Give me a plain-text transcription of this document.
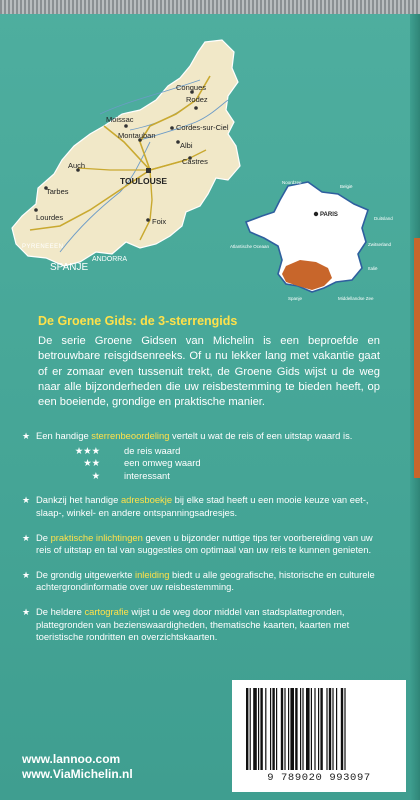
Conques
Rodez
Moissac
Montauban
Cordes-sur-Ciel
Albi
Castres
TOULOUSE
Auch
Tarbes
Lourdes	Foix
PYRENEEEN
ANDORRA
SPANJE
PARIS
Noordzee
België
Duitsland
Zwitserland
Atlantische Oceaan
Italië
Spanje	Middellandse Zee
De Groene Gids: de 3-sterrengids
De serie Groene Gidsen van Michelin is een beproefde en betrouwbare reisgidsenreeks. Of u nu lekker lang met vakantie gaat of er zomaar even tussenuit trekt, de Groene Gids wijst u de weg naar alle bijzonderheden die uw reisbestemming te bieden heeft, op een boeiende, grondige en praktische manier.
★ Een handige sterrenbeoordeling vertelt u wat de reis of een uitstap waard is.
★★★	de reis waard
★★	een omweg waard
★	interessant
★ Dankzij het handige adresboekje bij elke stad heeft u een mooie keuze van eet-, slaap-, winkel- en andere ontspanningsadresjes.
★ De praktische inlichtingen geven u bijzonder nuttige tips ter voorbereiding van uw reis of uitstap en tal van suggesties om optimaal van uw reis te kunnen genieten.
★ De grondig uitgewerkte inleiding biedt u alle geografische, historische en culturele achtergrondinformatie over uw reisbestemming.
★ De heldere cartografie wijst u de weg door middel van stadsplattegronden, plattegronden van bezienswaardigheden, thematische kaarten, kaarten met toeristische rondritten en overzichtskaarten.
www.lannoo.com
www.ViaMichelin.nl	9 789020 993097
